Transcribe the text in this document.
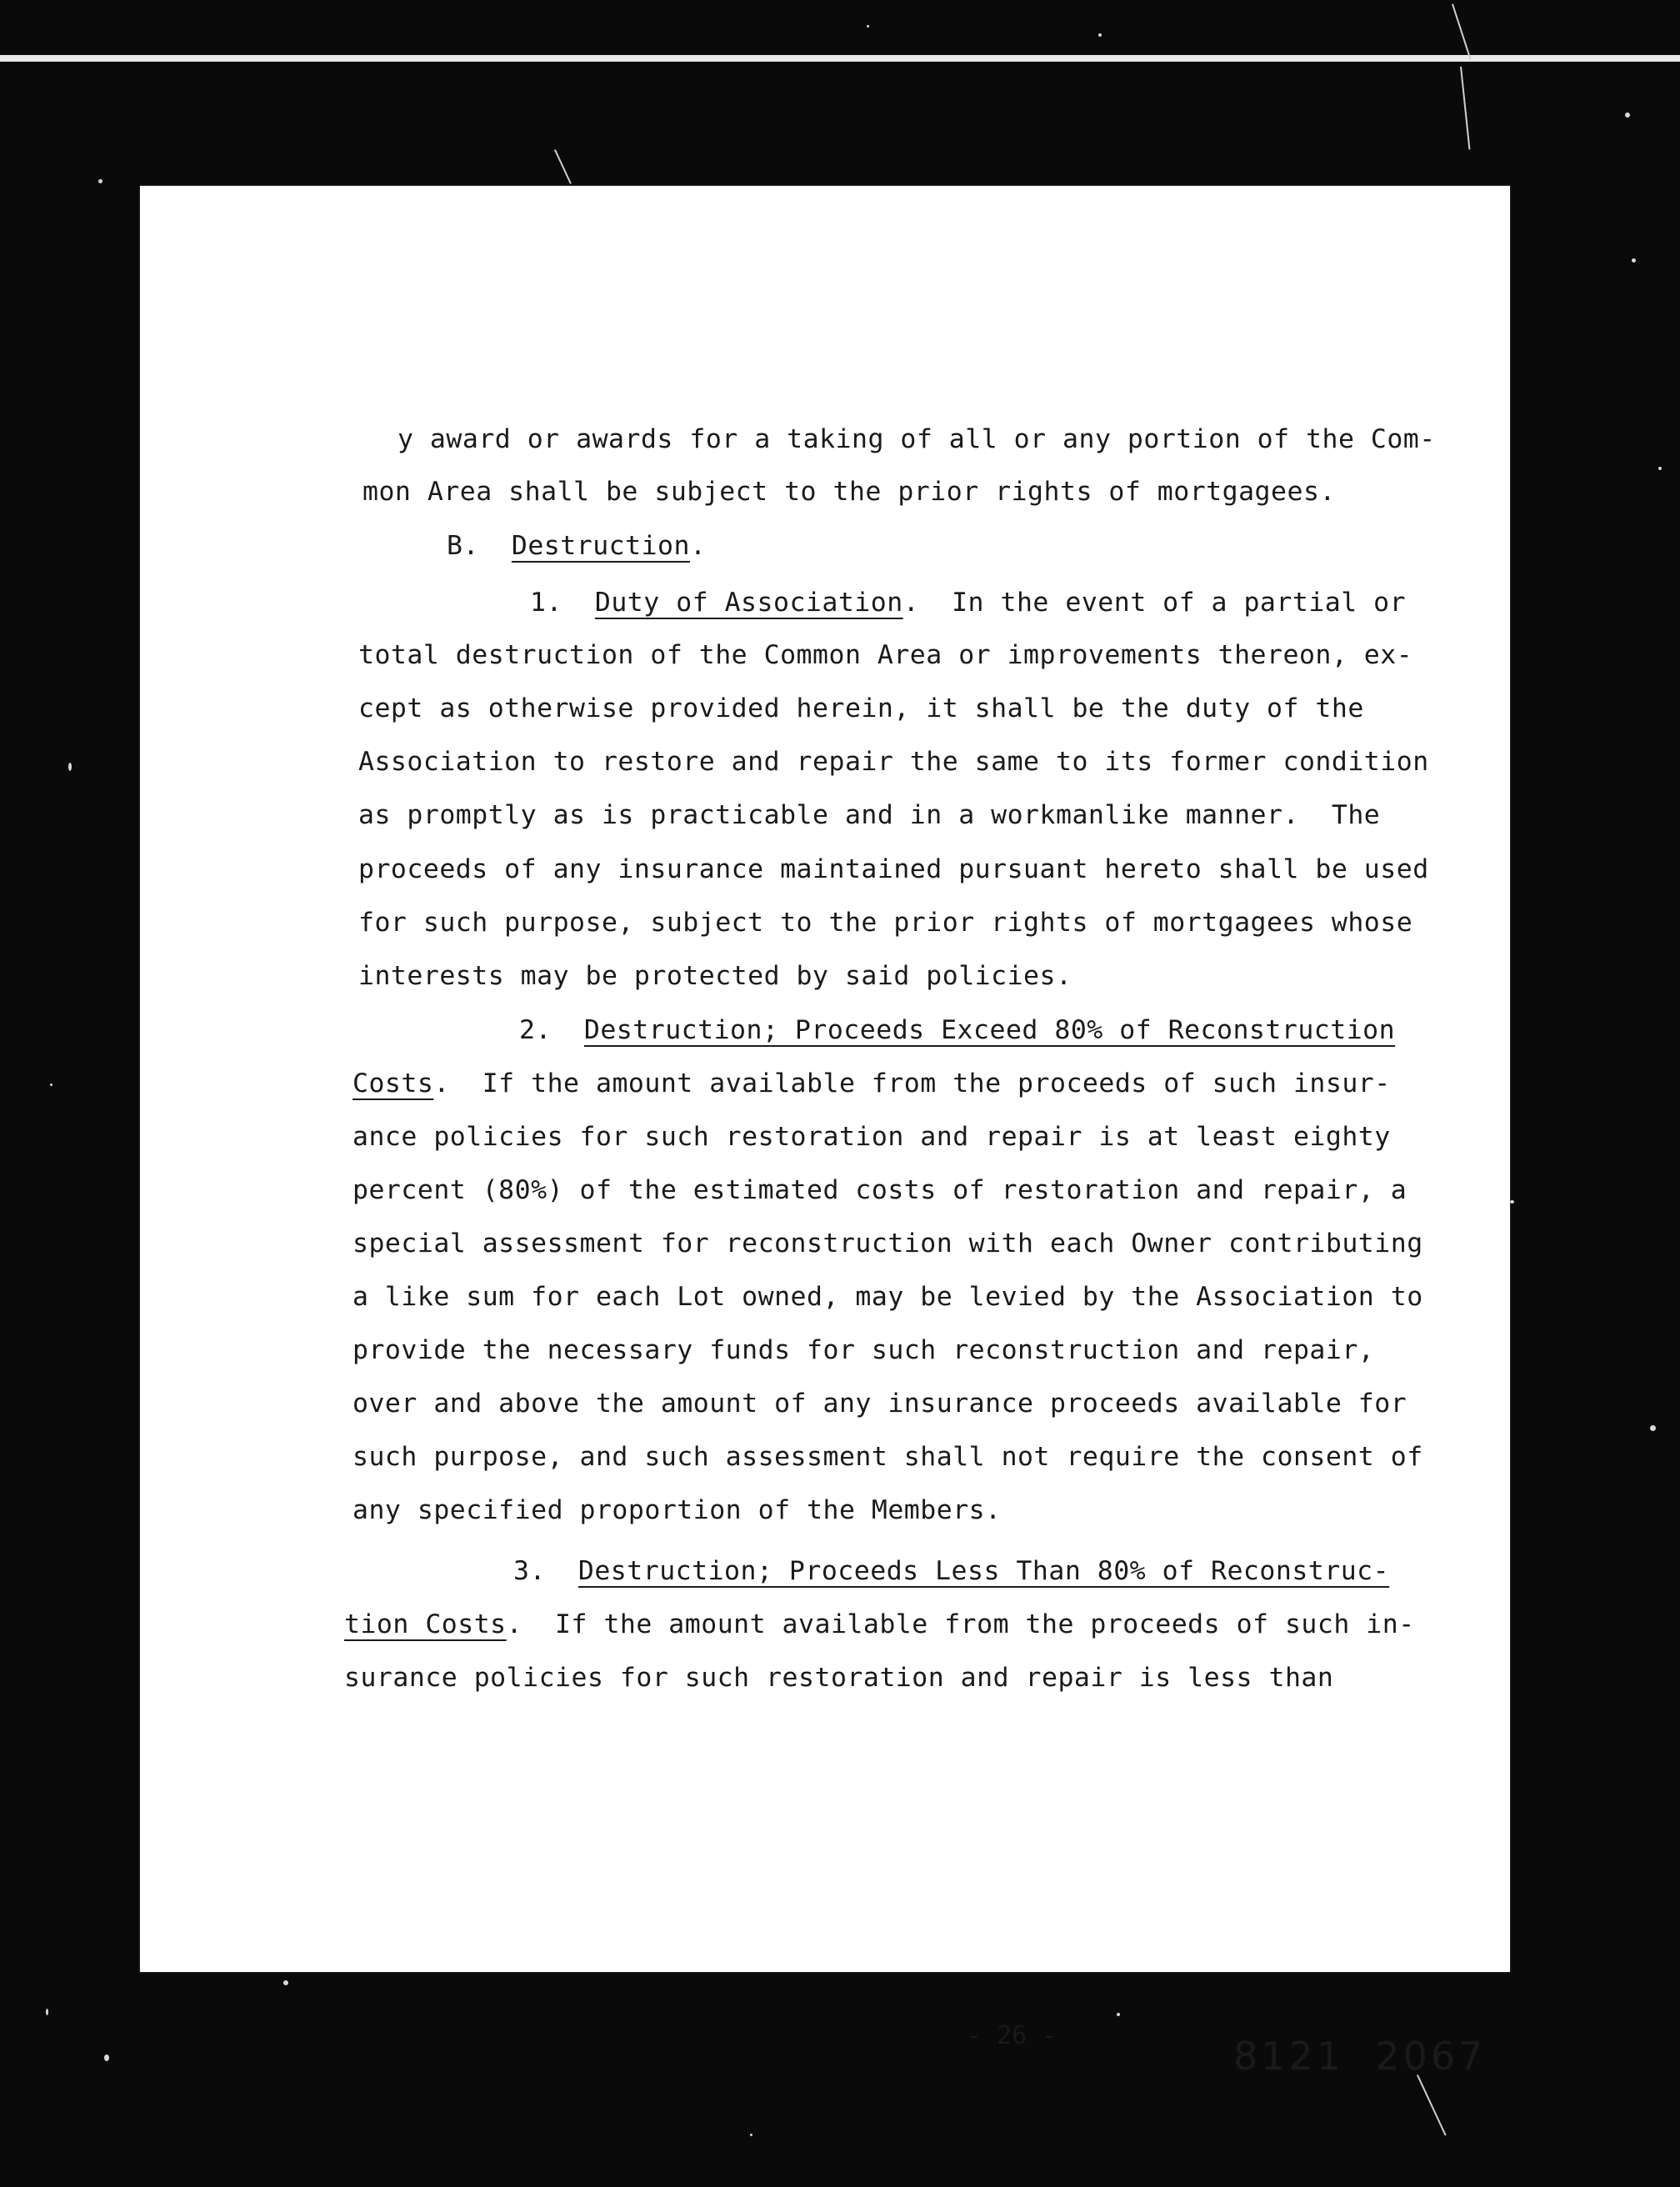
y award or awards for a taking of all or any portion of the Com-
mon Area shall be subject to the prior rights of mortgagees.
B. Destruction.
1. Duty of Association.  In the event of a partial or
total destruction of the Common Area or improvements thereon, ex-
cept as otherwise provided herein, it shall be the duty of the
Association to restore and repair the same to its former condition
as promptly as is practicable and in a workmanlike manner.  The
proceeds of any insurance maintained pursuant hereto shall be used
for such purpose, subject to the prior rights of mortgagees whose
interests may be protected by said policies.
2. Destruction; Proceeds Exceed 80% of Reconstruction
Costs.  If the amount available from the proceeds of such insur-
ance policies for such restoration and repair is at least eighty
percent (80%) of the estimated costs of restoration and repair, a
special assessment for reconstruction with each Owner contributing
a like sum for each Lot owned, may be levied by the Association to
provide the necessary funds for such reconstruction and repair,
over and above the amount of any insurance proceeds available for
such purpose, and such assessment shall not require the consent of
any specified proportion of the Members.
3. Destruction; Proceeds Less Than 80% of Reconstruc-
tion Costs.  If the amount available from the proceeds of such in-
surance policies for such restoration and repair is less than
- 26 -	8121  2067
